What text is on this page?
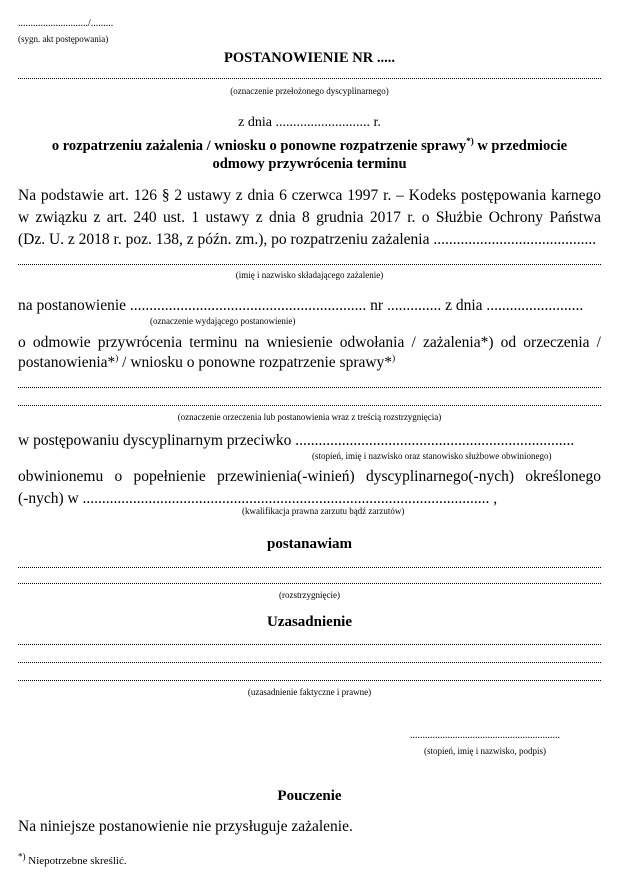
............................/.........
(sygn. akt postępowania)
POSTANOWIENIE NR .....
(oznaczenie przełożonego dyscyplinarnego)
z dnia ........................... r.
o rozpatrzeniu zażalenia / wniosku o ponowne rozpatrzenie sprawy*) w przedmiocie
odmowy przywrócenia terminu
Na podstawie art. 126 § 2 ustawy z dnia 6 czerwca 1997 r. – Kodeks postępowania karnego
w związku z art. 240 ust. 1 ustawy z dnia 8 grudnia 2017 r. o Służbie Ochrony Państwa
(Dz. U. z 2018 r. poz. 138, z późn. zm.), po rozpatrzeniu zażalenia ..........................................
(imię i nazwisko składającego zażalenie)
na postanowienie ............................................................. nr .............. z dnia .........................
(oznaczenie wydającego postanowienie)
o odmowie przywrócenia terminu na wniesienie odwołania / zażalenia*) od orzeczenia /
postanowienia*) / wniosku o ponowne rozpatrzenie sprawy*)
(oznaczenie orzeczenia lub postanowienia wraz z treścią rozstrzygnięcia)
w postępowaniu dyscyplinarnym przeciwko ........................................................................
(stopień, imię i nazwisko oraz stanowisko służbowe obwinionego)
obwinionemu o popełnienie przewinienia(-winień) dyscyplinarnego(-nych) określonego
(-nych) w ......................................................................................................... ,
(kwalifikacja prawna zarzutu bądź zarzutów)
postanawiam
(rozstrzygnięcie)
Uzasadnienie
(uzasadnienie faktyczne i prawne)
............................................................
(stopień, imię i nazwisko, podpis)
Pouczenie
Na niniejsze postanowienie nie przysługuje zażalenie.
*) Niepotrzebne skreślić.
